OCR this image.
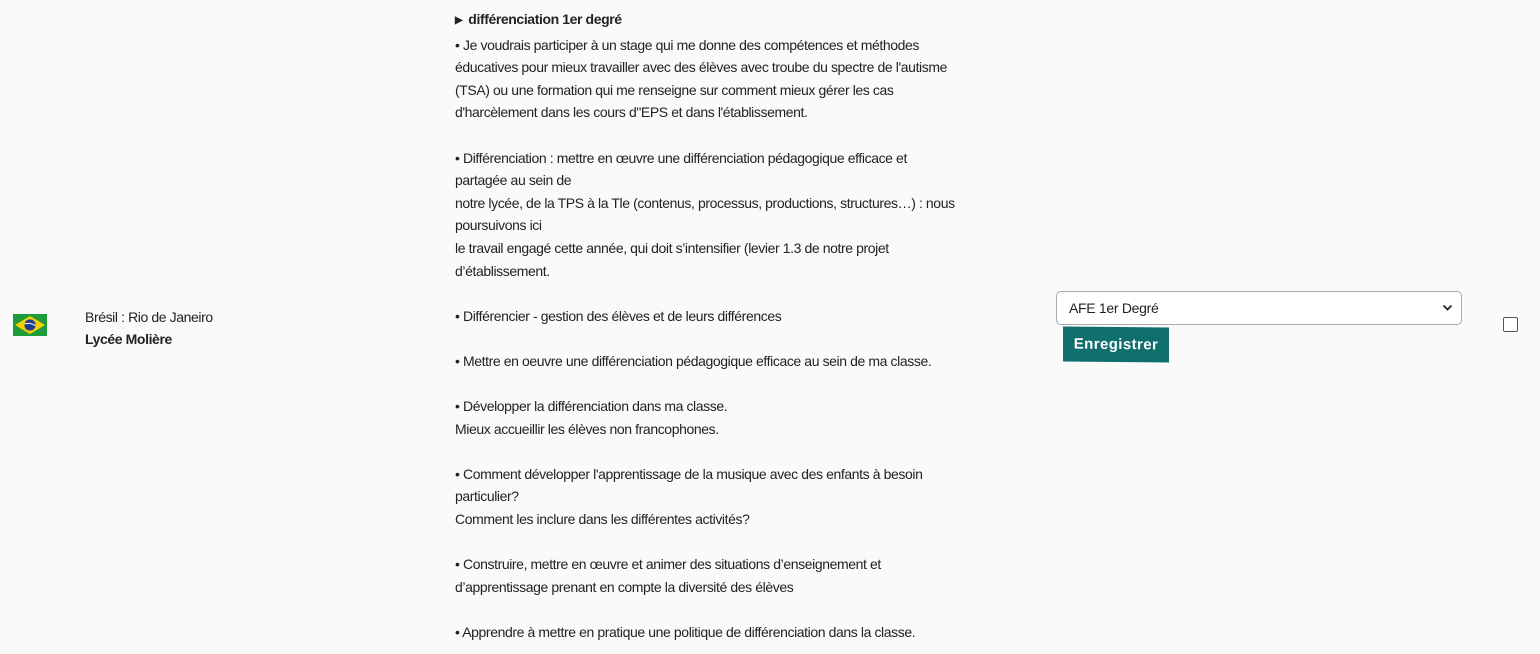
Brésil : Rio de Janeiro
Lycée Molière
▶ différenciation 1er degré
• Je voudrais participer à un stage qui me donne des compétences et méthodes
éducatives pour mieux travailler avec des élèves avec troube du spectre de l'autisme
(TSA) ou une formation qui me renseigne sur comment mieux gérer les cas
d'harcèlement dans les cours d"EPS et dans l'établissement.
• Différenciation : mettre en œuvre une différenciation pédagogique efficace et
partagée au sein de
notre lycée, de la TPS à la Tle (contenus, processus, productions, structures…) : nous
poursuivons ici
le travail engagé cette année, qui doit s’intensifier (levier 1.3 de notre projet
d’établissement.
• Différencier - gestion des élèves et de leurs différences
• Mettre en oeuvre une différenciation pédagogique efficace au sein de ma classe.
• Développer la différenciation dans ma classe.
Mieux accueillir les élèves non francophones.
• Comment développer l'apprentissage de la musique avec des enfants à besoin
particulier?
Comment les inclure dans les différentes activités?
• Construire, mettre en œuvre et animer des situations d’enseignement et
d’apprentissage prenant en compte la diversité des élèves
• Apprendre à mettre en pratique une politique de différenciation dans la classe.
AFE 1er Degré
Enregistrer
